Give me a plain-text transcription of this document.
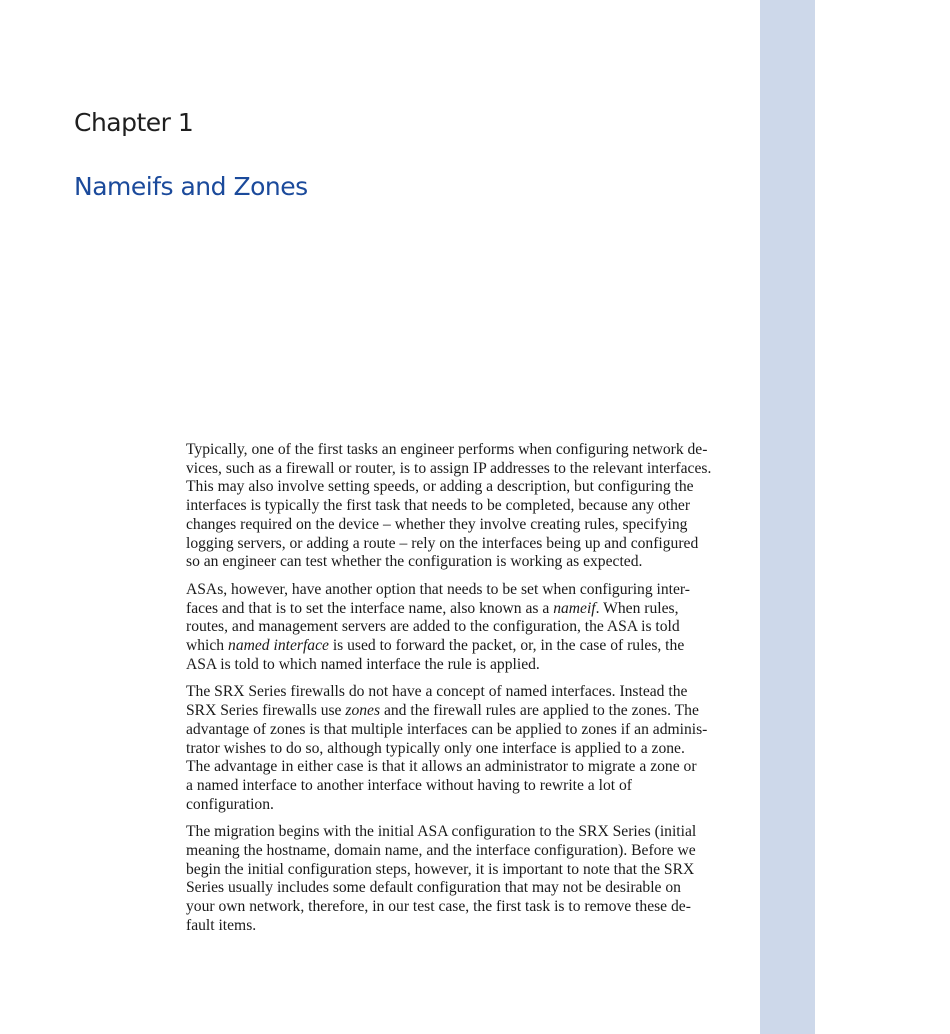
Chapter 1
Nameifs and Zones

Typically, one of the first tasks an engineer performs when configuring network de-
vices, such as a firewall or router, is to assign IP addresses to the relevant interfaces.
This may also involve setting speeds, or adding a description, but configuring the
interfaces is typically the first task that needs to be completed, because any other
changes required on the device – whether they involve creating rules, specifying
logging servers, or adding a route – rely on the interfaces being up and configured
so an engineer can test whether the configuration is working as expected.

ASAs, however, have another option that needs to be set when configuring inter-
faces and that is to set the interface name, also known as a nameif. When rules,
routes, and management servers are added to the configuration, the ASA is told
which named interface is used to forward the packet, or, in the case of rules, the
ASA is told to which named interface the rule is applied.

The SRX Series firewalls do not have a concept of named interfaces. Instead the
SRX Series firewalls use zones and the firewall rules are applied to the zones. The
advantage of zones is that multiple interfaces can be applied to zones if an adminis-
trator wishes to do so, although typically only one interface is applied to a zone.
The advantage in either case is that it allows an administrator to migrate a zone or
a named interface to another interface without having to rewrite a lot of
configuration.

The migration begins with the initial ASA configuration to the SRX Series (initial
meaning the hostname, domain name, and the interface configuration). Before we
begin the initial configuration steps, however, it is important to note that the SRX
Series usually includes some default configuration that may not be desirable on
your own network, therefore, in our test case, the first task is to remove these de-
fault items.
